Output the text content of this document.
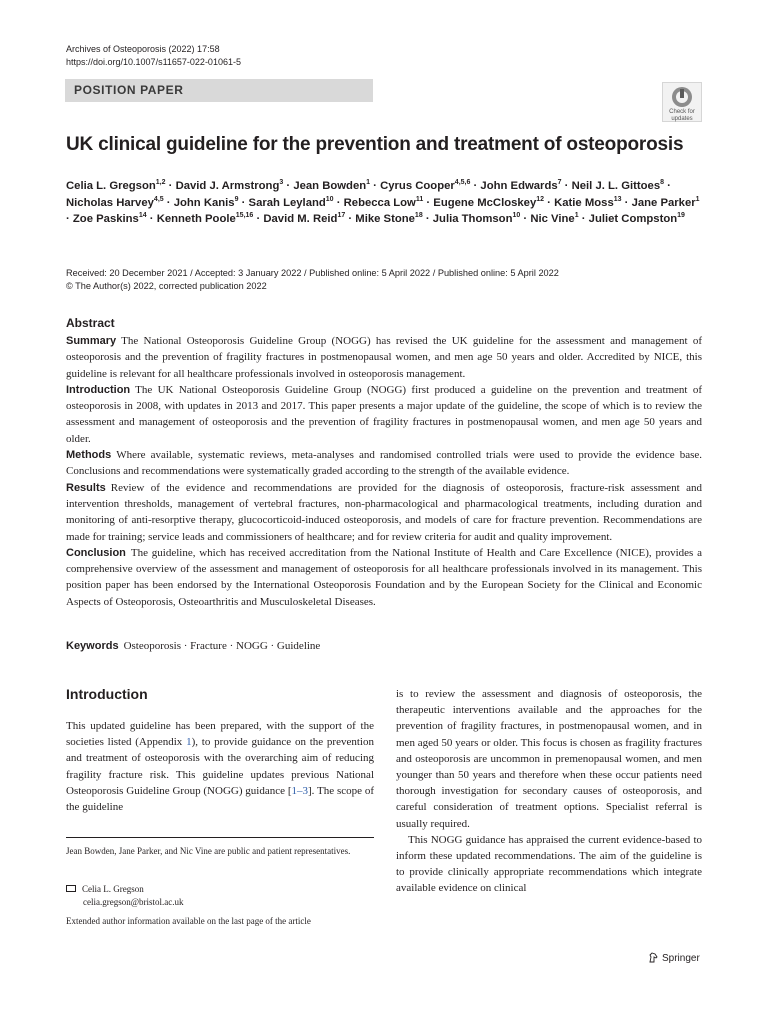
Archives of Osteoporosis (2022) 17:58
https://doi.org/10.1007/s11657-022-01061-5
POSITION PAPER
Check for
updates
UK clinical guideline for the prevention and treatment of osteoporosis
Celia L. Gregson$^{1,2}$ · David J. Armstrong$^3$ · Jean Bowden$^1$ · Cyrus Cooper$^{4,5,6}$ · John Edwards$^7$ · Neil J. L. Gittoes$^8$ · Nicholas Harvey$^{4,5}$ · John Kanis$^9$ · Sarah Leyland$^{10}$ · Rebecca Low$^{11}$ · Eugene McCloskey$^{12}$ · Katie Moss$^{13}$ · Jane Parker$^1$ · Zoe Paskins$^{14}$ · Kenneth Poole$^{15,16}$ · David M. Reid$^{17}$ · Mike Stone$^{18}$ · Julia Thomson$^{10}$ · Nic Vine$^1$ · Juliet Compston$^{19}$
Received: 20 December 2021 / Accepted: 3 January 2022 / Published online: 5 April 2022 / Published online: 5 April 2022
© The Author(s) 2022, corrected publication 2022
Abstract

Summary The National Osteoporosis Guideline Group (NOGG) has revised the UK guideline for the assessment and management of osteoporosis and the prevention of fragility fractures in postmenopausal women, and men age 50 years and older. Accredited by NICE, this guideline is relevant for all healthcare professionals involved in osteoporosis management.

Introduction The UK National Osteoporosis Guideline Group (NOGG) first produced a guideline on the prevention and treatment of osteoporosis in 2008, with updates in 2013 and 2017. This paper presents a major update of the guideline, the scope of which is to review the assessment and management of osteoporosis and the prevention of fragility fractures in postmenopausal women, and men age 50 years and older.

Methods Where available, systematic reviews, meta-analyses and randomised controlled trials were used to provide the evidence base. Conclusions and recommendations were systematically graded according to the strength of the available evidence.

Results Review of the evidence and recommendations are provided for the diagnosis of osteoporosis, fracture-risk assessment and intervention thresholds, management of vertebral fractures, non-pharmacological and pharmacological treatments, including duration and monitoring of anti-resorptive therapy, glucocorticoid-induced osteoporosis, and models of care for fracture prevention. Recommendations are made for training; service leads and commissioners of healthcare; and for review criteria for audit and quality improvement.

Conclusion The guideline, which has received accreditation from the National Institute of Health and Care Excellence (NICE), provides a comprehensive overview of the assessment and management of osteoporosis for all healthcare professionals involved in its management. This position paper has been endorsed by the International Osteoporosis Foundation and by the European Society for the Clinical and Economic Aspects of Osteoporosis, Osteoarthritis and Musculoskeletal Diseases.

Keywords Osteoporosis · Fracture · NOGG · Guideline
Introduction

This updated guideline has been prepared, with the support of the societies listed (Appendix 1), to provide guidance on the prevention and treatment of osteoporosis with the overarching aim of reducing fragility fracture risk. This guideline updates previous National Osteoporosis Guideline Group (NOGG) guidance [1–3]. The scope of the guideline

Jean Bowden, Jane Parker, and Nic Vine are public and patient representatives.
Celia L. Gregson
celia.gregson@bristol.ac.uk
Extended author information available on the last page of the article

is to review the assessment and diagnosis of osteoporosis, the therapeutic interventions available and the approaches for the prevention of fragility fractures, in postmenopausal women, and in men aged 50 years or older. This focus is chosen as fragility fractures and osteoporosis are uncommon in premenopausal women, and men younger than 50 years and therefore when these occur patients need thorough investigation for secondary causes of osteoporosis, and careful consideration of treatment options. Specialist referral is usually required.

This NOGG guidance has appraised the current evidence-based to inform these updated recommendations. The aim of the guideline is to provide clinically appropriate recommendations which integrate available evidence on clinical

Springer
